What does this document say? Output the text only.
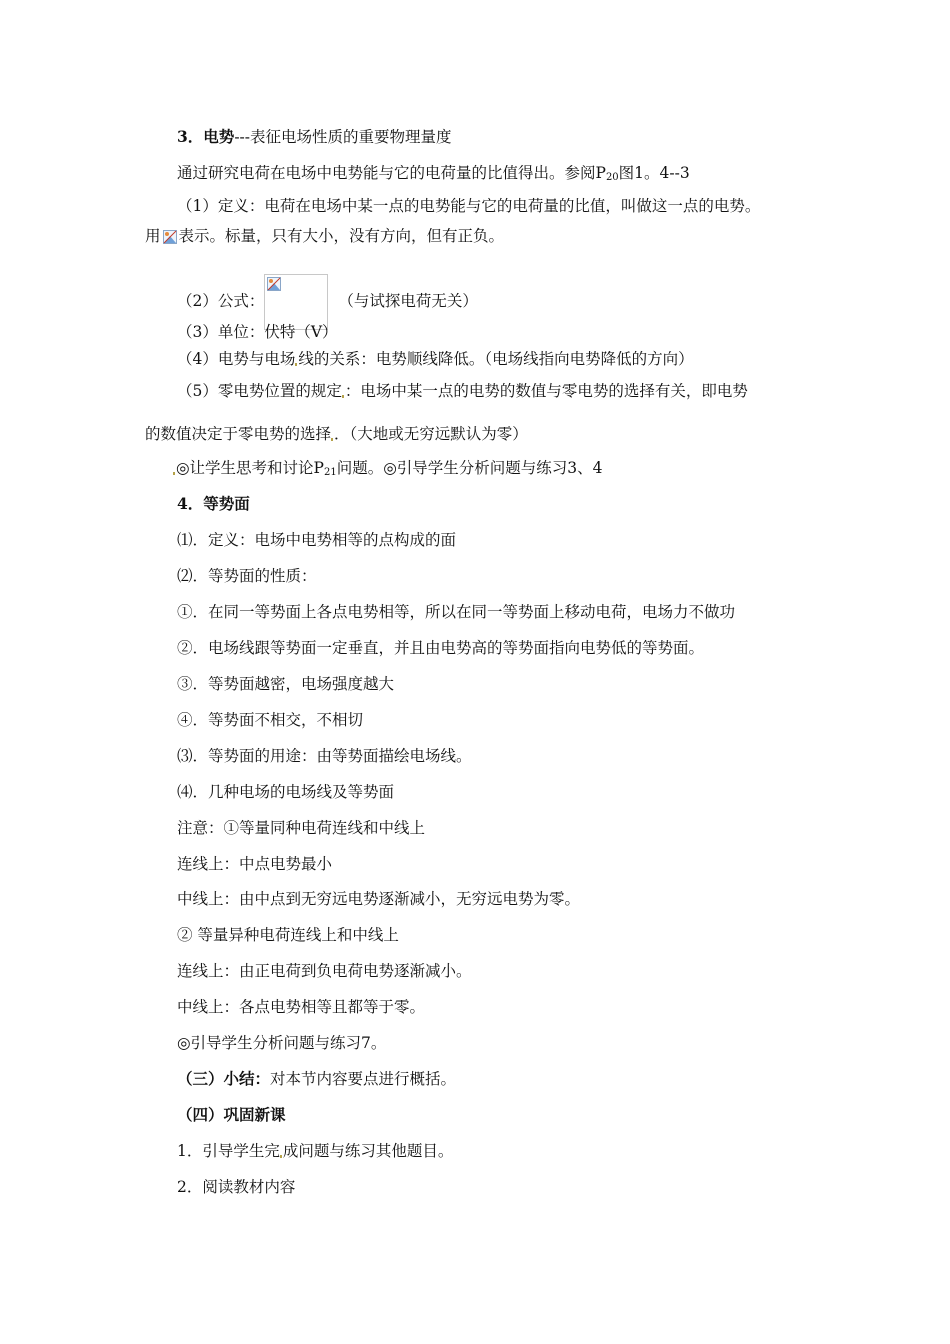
3．电势---表征电场性质的重要物理量度
通过研究电荷在电场中电势能与它的电荷量的比值得出。参阅$P_{20}$图1。4--3
（1）定义：电荷在电场中某一点的电势能与它的电荷量的比值，叫做这一点的电势。
用 表示。标量，只有大小，没有方向，但有正负。
（2）公式：	（与试探电荷无关）
（3）单位：伏特（V）
（4）电势与电场 线的关系：电势顺线降低。（电场线指向电势降低的方向）
（5）零电势位置的规定 ：电场中某一点的电势的数值与零电势的选择有关，即电势
的数值决定于零电势的选择 ．（大地或无穷远默认为零）
◎让学生思考和讨论$P_{21}$问题。◎引导学生分析问题与练习3、4
4．等势面
⑴．定义：电场中电势相等的点构成的面
⑵．等势面的性质：
①．在同一等势面上各点电势相等，所以在同一等势面上移动电荷，电场力不做功
②．电场线跟等势面一定垂直，并且由电势高的等势面指向电势低的等势面。
③．等势面越密，电场强度越大
④．等势面不相交，不相切
⑶．等势面的用途：由等势面描绘电场线。
⑷．几种电场的电场线及等势面
注意：①等量同种电荷连线和中线上
连线上：中点电势最小
中线上：由中点到无穷远电势逐渐减小，无穷远电势为零。
② 等量异种电荷连线上和中线上
连线上：由正电荷到负电荷电势逐渐减小。
中线上：各点电势相等且都等于零。
◎引导学生分析问题与练习7。
（三）小结：对本节内容要点进行概括。
（四）巩固新课
1．引导学生完 成问题与练习其他题目。
2．阅读教材内容
